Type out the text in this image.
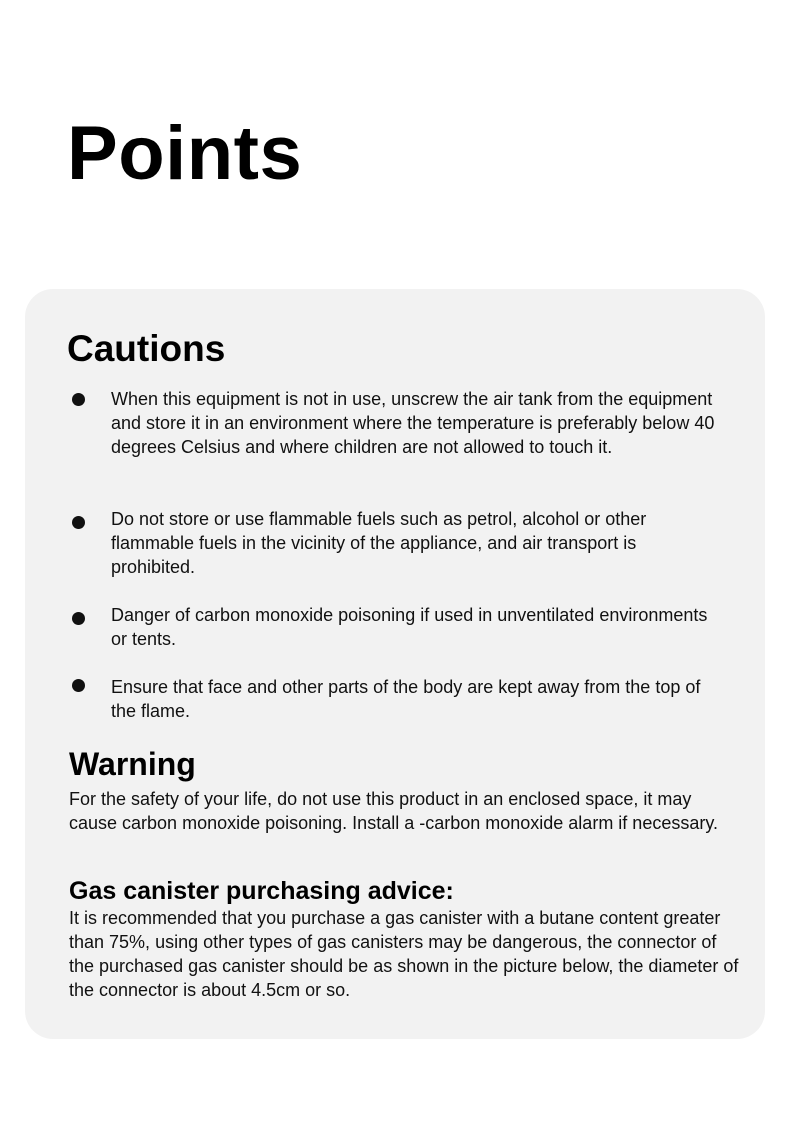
Points
Cautions
When this equipment is not in use, unscrew the air tank from the equipment and store it in an environment where the temperature is preferably below 40 degrees Celsius and where children are not allowed to touch it.
Do not store or use flammable fuels such as petrol, alcohol or other flammable fuels in the vicinity of the appliance, and air transport is prohibited.
Danger of carbon monoxide poisoning if used in unventilated environments or tents.
Ensure that face and other parts of the body are kept away from the top of the flame.
Warning

For the safety of your life, do not use this product in an enclosed space, it may cause carbon monoxide poisoning. Install a -carbon monoxide alarm if necessary.

Gas canister purchasing advice:

It is recommended that you purchase a gas canister with a butane content greater than 75%, using other types of gas canisters may be dangerous, the connector of the purchased gas canister should be as shown in the picture below, the diameter of the connector is about 4.5cm or so.
